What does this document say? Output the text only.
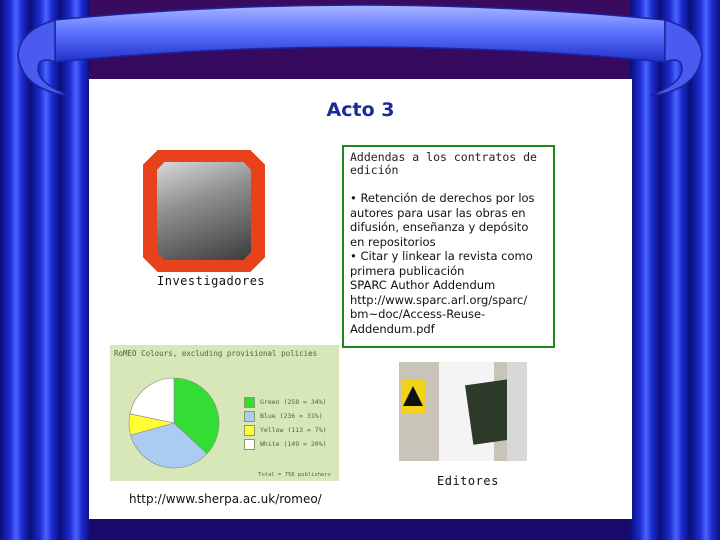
Acto 3
Investigadores
Addendas a los contratos de
edición
• Retención de derechos por los
autores para usar las obras en
difusión, enseñanza y depósito
en repositorios
• Citar y linkear la revista como
primera publicación
SPARC Author Addendum
http://www.sparc.arl.org/sparc/
bm~doc/Access-Reuse-
Addendum.pdf
RoMEO Colours, excluding provisional policies
Green (258 = 34%)
Blue (236 = 31%)
Yellow (113 = 7%)
White (149 = 20%)
Total = 756 publishers	Editores
http://www.sherpa.ac.uk/romeo/
